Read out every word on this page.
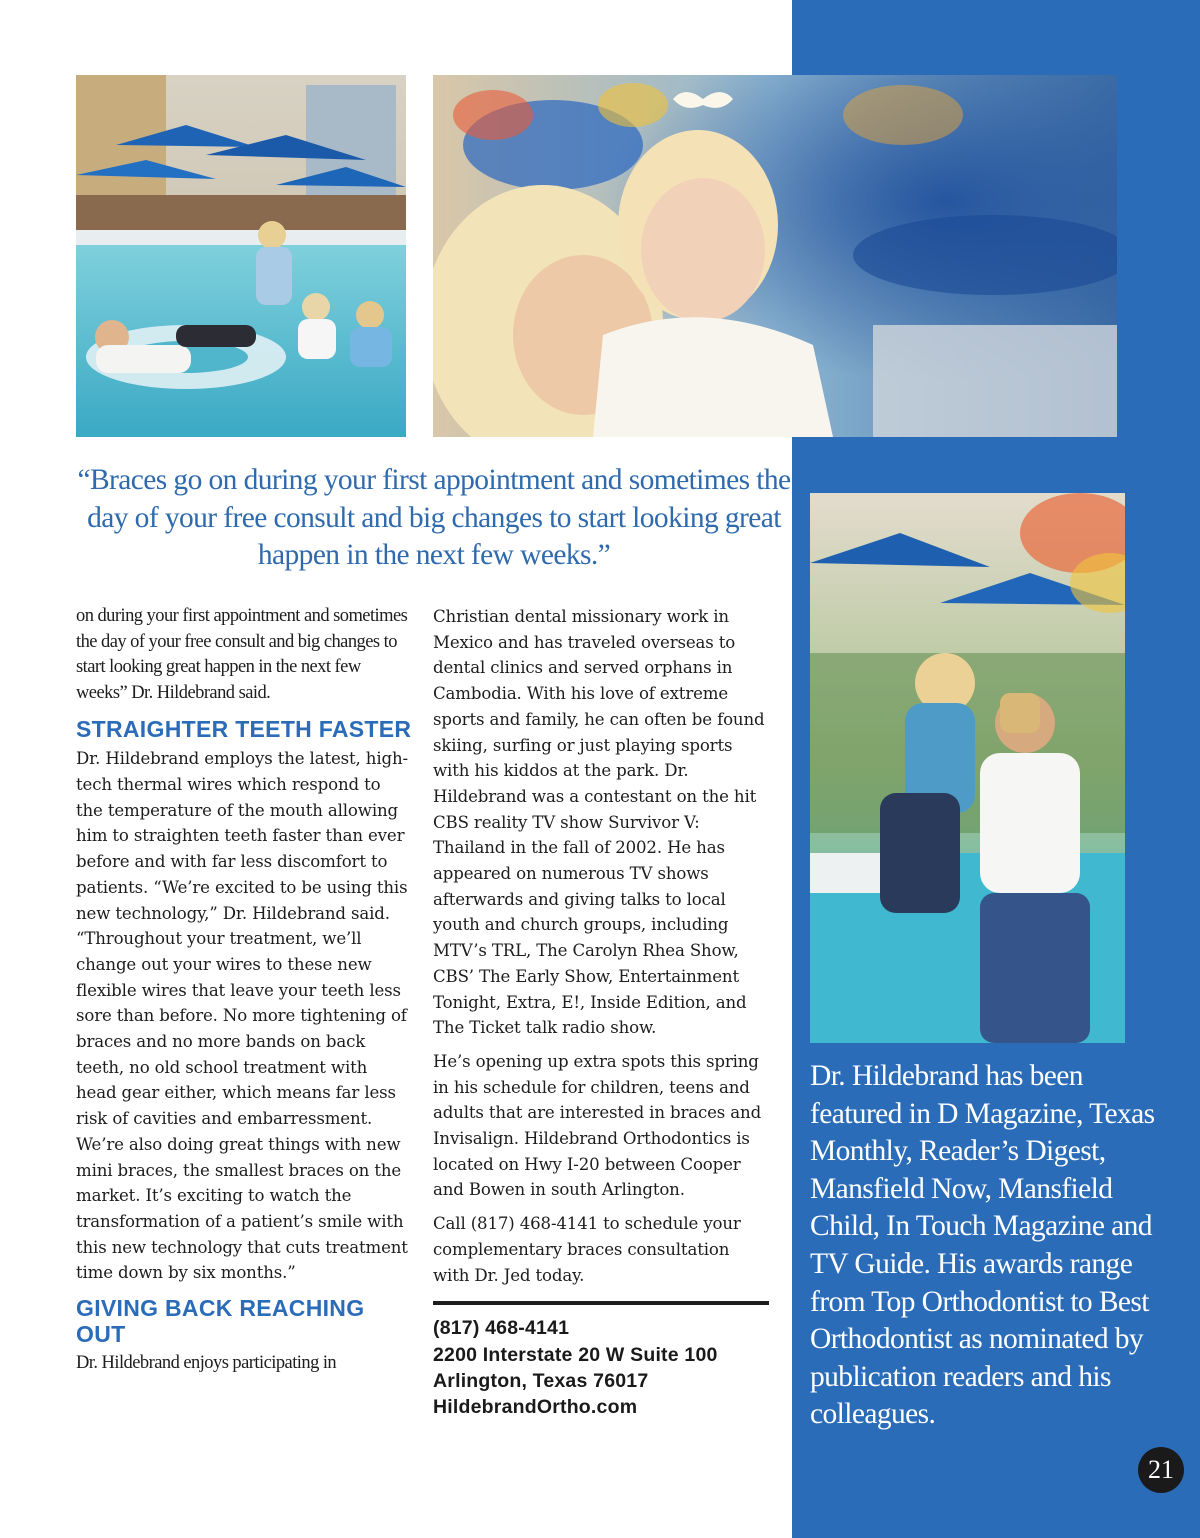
“Braces go on during your first appointment and sometimes the day of your free consult and big changes to start looking great happen in the next few weeks.”

on during your first appointment and sometimes the day of your free consult and big changes to start looking great happen in the next few weeks” Dr. Hildebrand said.

STRAIGHTER TEETH FASTER

Dr. Hildebrand employs the latest, high-tech thermal wires which respond to the temperature of the mouth allowing him to straighten teeth faster than ever before and with far less discomfort to patients. “We’re excited to be using this new technology,” Dr. Hildebrand said. “Throughout your treatment, we’ll change out your wires to these new flexible wires that leave your teeth less sore than before. No more tightening of braces and no more bands on back teeth, no old school treatment with head gear either, which means far less risk of cavities and embarressment. We’re also doing great things with new mini braces, the smallest braces on the market. It’s exciting to watch the transformation of a patient’s smile with this new technology that cuts treatment time down by six months.”

GIVING BACK REACHING OUT

Dr. Hildebrand enjoys participating in

Christian dental missionary work in Mexico and has traveled overseas to dental clinics and served orphans in Cambodia. With his love of extreme sports and family, he can often be found skiing, surfing or just playing sports with his kiddos at the park. Dr. Hildebrand was a contestant on the hit CBS reality TV show Survivor V: Thailand in the fall of 2002. He has appeared on numerous TV shows afterwards and giving talks to local youth and church groups, including MTV’s TRL, The Carolyn Rhea Show, CBS’ The Early Show, Entertainment Tonight, Extra, E!, Inside Edition, and The Ticket talk radio show.

He’s opening up extra spots this spring in his schedule for children, teens and adults that are interested in braces and Invisalign. Hildebrand Orthodontics is located on Hwy I-20 between Cooper and Bowen in south Arlington.

Call (817) 468-4141 to schedule your complementary braces consultation with Dr. Jed today.

(817) 468-4141

2200 Interstate 20 W Suite 100

Arlington, Texas 76017

HildebrandOrtho.com

Dr. Hildebrand has been featured in D Magazine, Texas Monthly, Reader’s Digest, Mansfield Now, Mansfield Child, In Touch Magazine and TV Guide. His awards range from Top Orthodontist to Best Orthodontist as nominated by publication readers and his colleagues.

21
